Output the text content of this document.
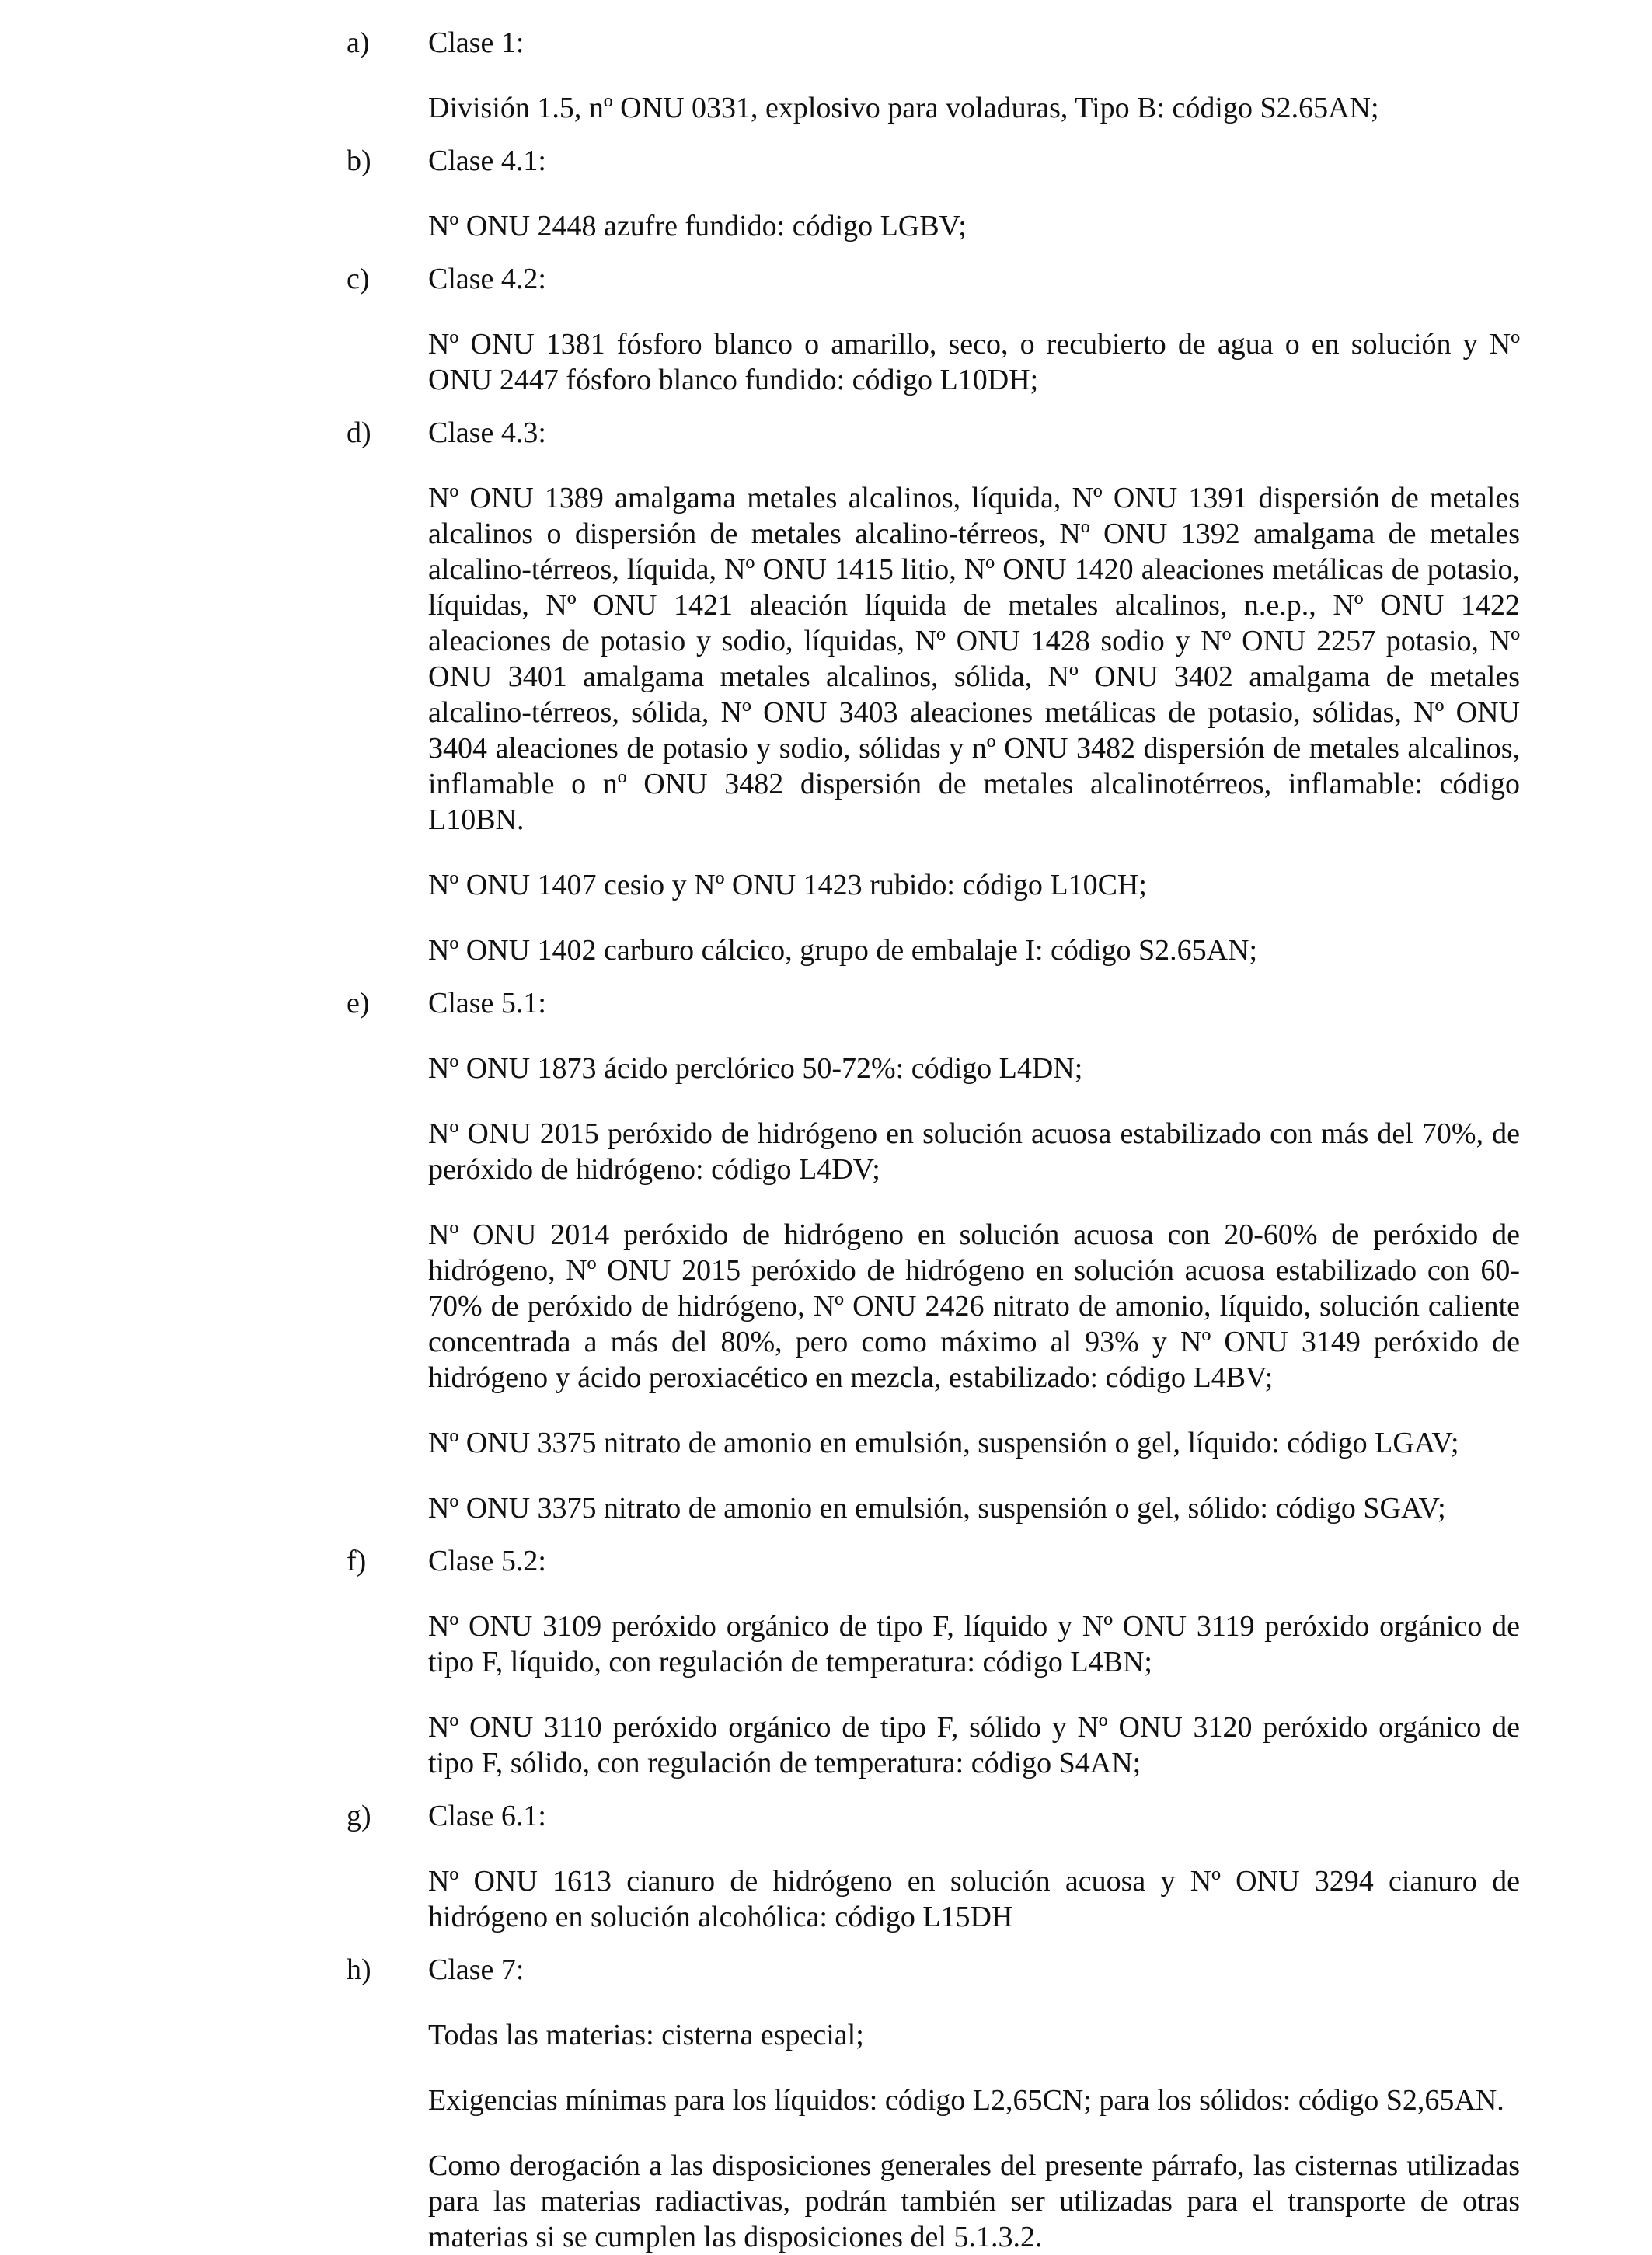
a) Clase 1:

División 1.5, nº ONU 0331, explosivo para voladuras, Tipo B: código S2.65AN;

b) Clase 4.1:

Nº ONU 2448 azufre fundido: código LGBV;

c) Clase 4.2:

Nº ONU 1381 fósforo blanco o amarillo, seco, o recubierto de agua o en solución y Nº ONU 2447 fósforo blanco fundido: código L10DH;

d) Clase 4.3:

Nº ONU 1389 amalgama metales alcalinos, líquida, Nº ONU 1391 dispersión de metales alcalinos o dispersión de metales alcalino-térreos, Nº ONU 1392 amalgama de metales alcalino-térreos, líquida, Nº ONU 1415 litio, Nº ONU 1420 aleaciones metálicas de potasio, líquidas, Nº ONU 1421 aleación líquida de metales alcalinos, n.e.p., Nº ONU 1422 aleaciones de potasio y sodio, líquidas, Nº ONU 1428 sodio y Nº ONU 2257 potasio, Nº ONU 3401 amalgama metales alcalinos, sólida, Nº ONU 3402 amalgama de metales alcalino-térreos, sólida, Nº ONU 3403 aleaciones metálicas de potasio, sólidas, Nº ONU 3404 aleaciones de potasio y sodio, sólidas y nº ONU 3482 dispersión de metales alcalinos, inflamable o nº ONU 3482 dispersión de metales alcalinotérreos, inflamable: código L10BN.

Nº ONU 1407 cesio y Nº ONU 1423 rubido: código L10CH;

Nº ONU 1402 carburo cálcico, grupo de embalaje I: código S2.65AN;

e) Clase 5.1:

Nº ONU 1873 ácido perclórico 50-72%: código L4DN;

Nº ONU 2015 peróxido de hidrógeno en solución acuosa estabilizado con más del 70%, de peróxido de hidrógeno: código L4DV;

Nº ONU 2014 peróxido de hidrógeno en solución acuosa con 20-60% de peróxido de hidrógeno, Nº ONU 2015 peróxido de hidrógeno en solución acuosa estabilizado con 60-70% de peróxido de hidrógeno, Nº ONU 2426 nitrato de amonio, líquido, solución caliente concentrada a más del 80%, pero como máximo al 93% y Nº ONU 3149 peróxido de hidrógeno y ácido peroxiacético en mezcla, estabilizado: código L4BV;

Nº ONU 3375 nitrato de amonio en emulsión, suspensión o gel, líquido: código LGAV;

Nº ONU 3375 nitrato de amonio en emulsión, suspensión o gel, sólido: código SGAV;

f) Clase 5.2:

Nº ONU 3109 peróxido orgánico de tipo F, líquido y Nº ONU 3119 peróxido orgánico de tipo F, líquido, con regulación de temperatura: código L4BN;

Nº ONU 3110 peróxido orgánico de tipo F, sólido y Nº ONU 3120 peróxido orgánico de tipo F, sólido, con regulación de temperatura: código S4AN;

g) Clase 6.1:

Nº ONU 1613 cianuro de hidrógeno en solución acuosa y Nº ONU 3294 cianuro de hidrógeno en solución alcohólica: código L15DH

h) Clase 7:

Todas las materias: cisterna especial;

Exigencias mínimas para los líquidos: código L2,65CN; para los sólidos: código S2,65AN.

Como derogación a las disposiciones generales del presente párrafo, las cisternas utilizadas para las materias radiactivas, podrán también ser utilizadas para el transporte de otras materias si se cumplen las disposiciones del 5.1.3.2.
